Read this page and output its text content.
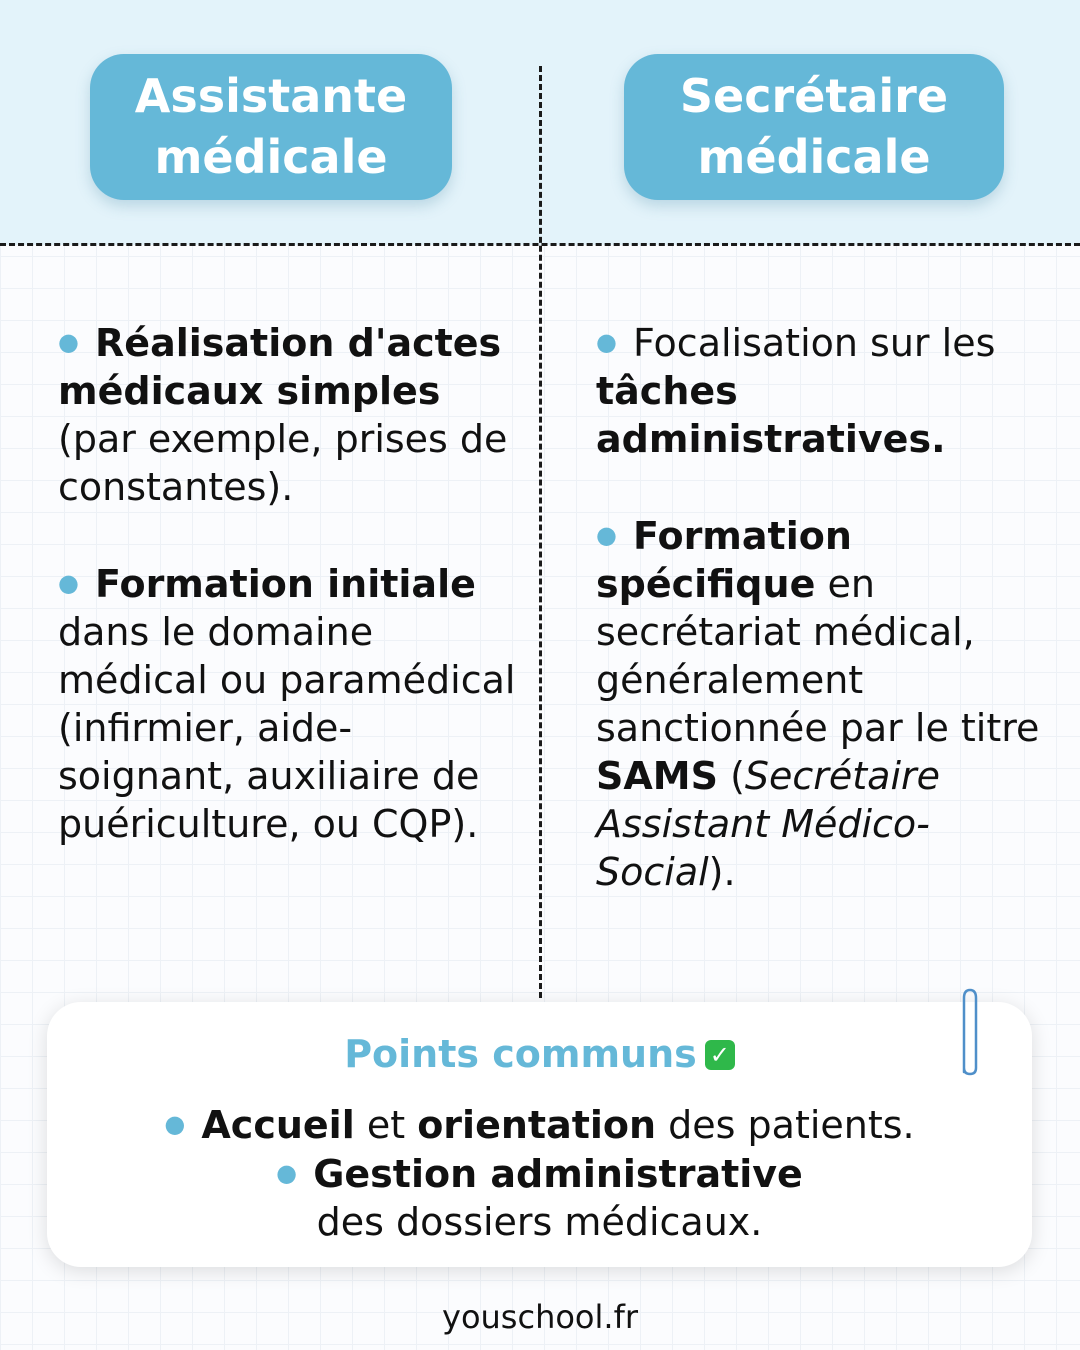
Assistante
médicale
Secrétaire
médicale

● Réalisation d'actes médicaux simples (par exemple, prises de constantes).

● Formation initiale dans le domaine médical ou paramédical (infirmier, aide-soignant, auxiliaire de puériculture, ou CQP).

● Focalisation sur les tâches administratives.

● Formation spécifique en secrétariat médical, généralement sanctionnée par le titre SAMS (Secrétaire Assistant Médico-Social).

Points communs ✓
● Accueil et orientation des patients.
● Gestion administrative des dossiers médicaux.
youschool.fr
